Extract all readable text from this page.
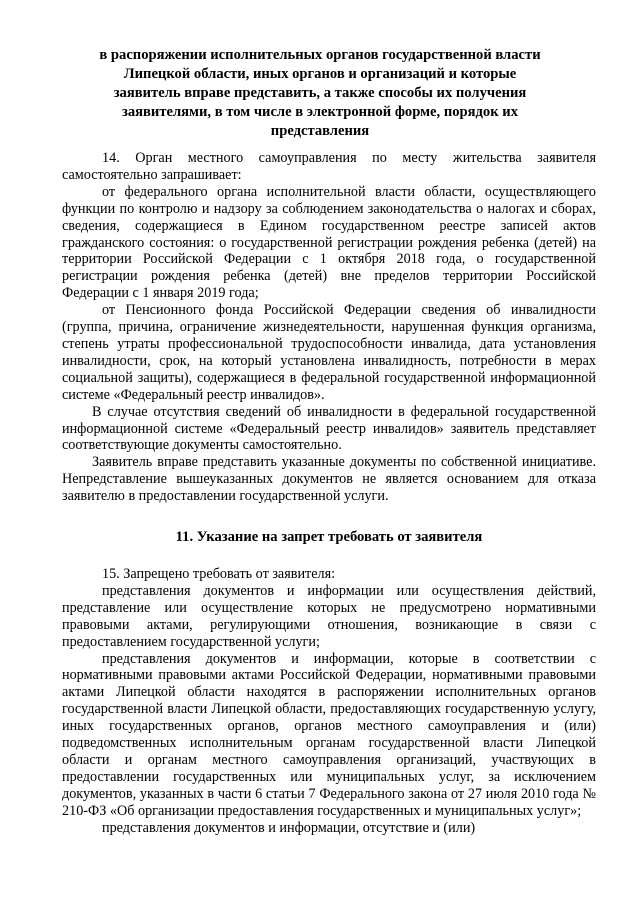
в распоряжении исполнительных органов государственной власти
Липецкой области, иных органов и организаций и которые
заявитель вправе представить, а также способы их получения
заявителями, в том числе в электронной форме, порядок их
представления

14. Орган местного самоуправления по месту жительства заявителя самостоятельно запрашивает:

от федерального органа исполнительной власти области, осуществляющего функции по контролю и надзору за соблюдением законодательства о налогах и сборах, сведения, содержащиеся в Едином государственном реестре записей актов гражданского состояния: о государственной регистрации рождения ребенка (детей) на территории Российской Федерации с 1 октября 2018 года, о государственной регистрации рождения ребенка (детей) вне пределов территории Российской Федерации с 1 января 2019 года;

от Пенсионного фонда Российской Федерации сведения об инвалидности (группа, причина, ограничение жизнедеятельности, нарушенная функция организма, степень утраты профессиональной трудоспособности инвалида, дата установления инвалидности, срок, на который установлена инвалидность, потребности в мерах социальной защиты), содержащиеся в федеральной государственной информационной системе «Федеральный реестр инвалидов».

В случае отсутствия сведений об инвалидности в федеральной государственной информационной системе «Федеральный реестр инвалидов» заявитель представляет соответствующие документы самостоятельно.

Заявитель вправе представить указанные документы по собственной инициативе. Непредставление вышеуказанных документов не является основанием для отказа заявителю в предоставлении государственной услуги.

11. Указание на запрет требовать от заявителя

15. Запрещено требовать от заявителя:

представления документов и информации или осуществления действий, представление или осуществление которых не предусмотрено нормативными правовыми актами, регулирующими отношения, возникающие в связи с предоставлением государственной услуги;

представления документов и информации, которые в соответствии с нормативными правовыми актами Российской Федерации, нормативными правовыми актами Липецкой области находятся в распоряжении исполнительных органов государственной власти Липецкой области, предоставляющих государственную услугу, иных государственных органов, органов местного самоуправления и (или) подведомственных исполнительным органам государственной власти Липецкой области и органам местного самоуправления организаций, участвующих в предоставлении государственных или муниципальных услуг, за исключением документов, указанных в части 6 статьи 7 Федерального закона от 27 июля 2010 года № 210-ФЗ «Об организации предоставления государственных и муниципальных услуг»;

представления документов и информации, отсутствие и (или)
